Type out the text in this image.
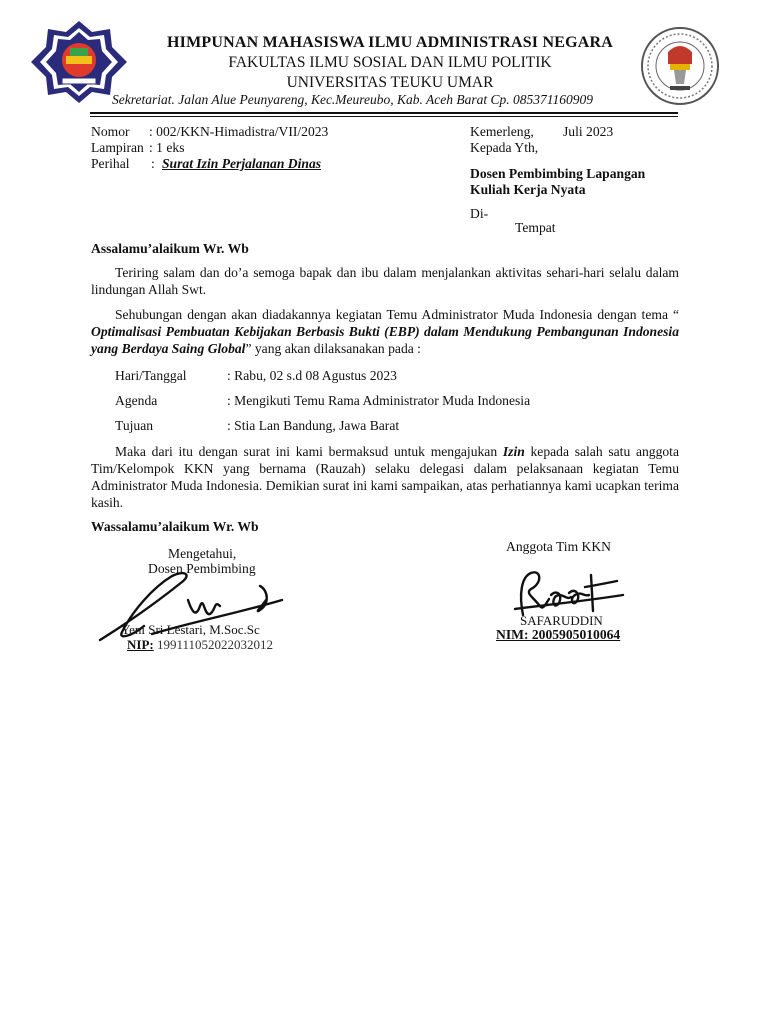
HIMPUNAN MAHASISWA ILMU ADMINISTRASI NEGARA
FAKULTAS ILMU SOSIAL DAN ILMU POLITIK
UNIVERSITAS TEUKU UMAR
Sekretariat. Jalan Alue Peunyareng, Kec.Meureubo, Kab. Aceh Barat Cp. 085371160909
Nomor : 002/KKN-Himadistra/VII/2023
Lampiran : 1 eks
Perihal : Surat Izin Perjalanan Dinas
Kemerleng, Juli 2023
Kepada Yth,
Dosen Pembimbing Lapangan
Kuliah Kerja Nyata
Di-
Tempat
Assalamu’alaikum Wr. Wb
Teriring salam dan do’a semoga bapak dan ibu dalam menjalankan aktivitas sehari-hari selalu dalam lindungan Allah Swt.
Sehubungan dengan akan diadakannya kegiatan Temu Administrator Muda Indonesia dengan tema “ Optimalisasi Pembuatan Kebijakan Berbasis Bukti (EBP) dalam Mendukung Pembangunan Indonesia yang Berdaya Saing Global” yang akan dilaksanakan pada :
Hari/Tanggal	: Rabu, 02 s.d 08 Agustus 2023
Agenda	: Mengikuti Temu Rama Administrator Muda Indonesia
Tujuan	: Stia Lan Bandung, Jawa Barat
Maka dari itu dengan surat ini kami bermaksud untuk mengajukan Izin kepada salah satu anggota Tim/Kelompok KKN yang bernama (Rauzah) selaku delegasi dalam pelaksanaan kegiatan Temu Administrator Muda Indonesia. Demikian surat ini kami sampaikan, atas perhatiannya kami ucapkan terima kasih.
Wassalamu’alaikum Wr. Wb
Mengetahui,
Dosen Pembimbing
Yeni Sri Lestari, M.Soc.Sc
NIP: 199111052022032012
Anggota Tim KKN
SAFARUDDIN
NIM: 2005905010064
